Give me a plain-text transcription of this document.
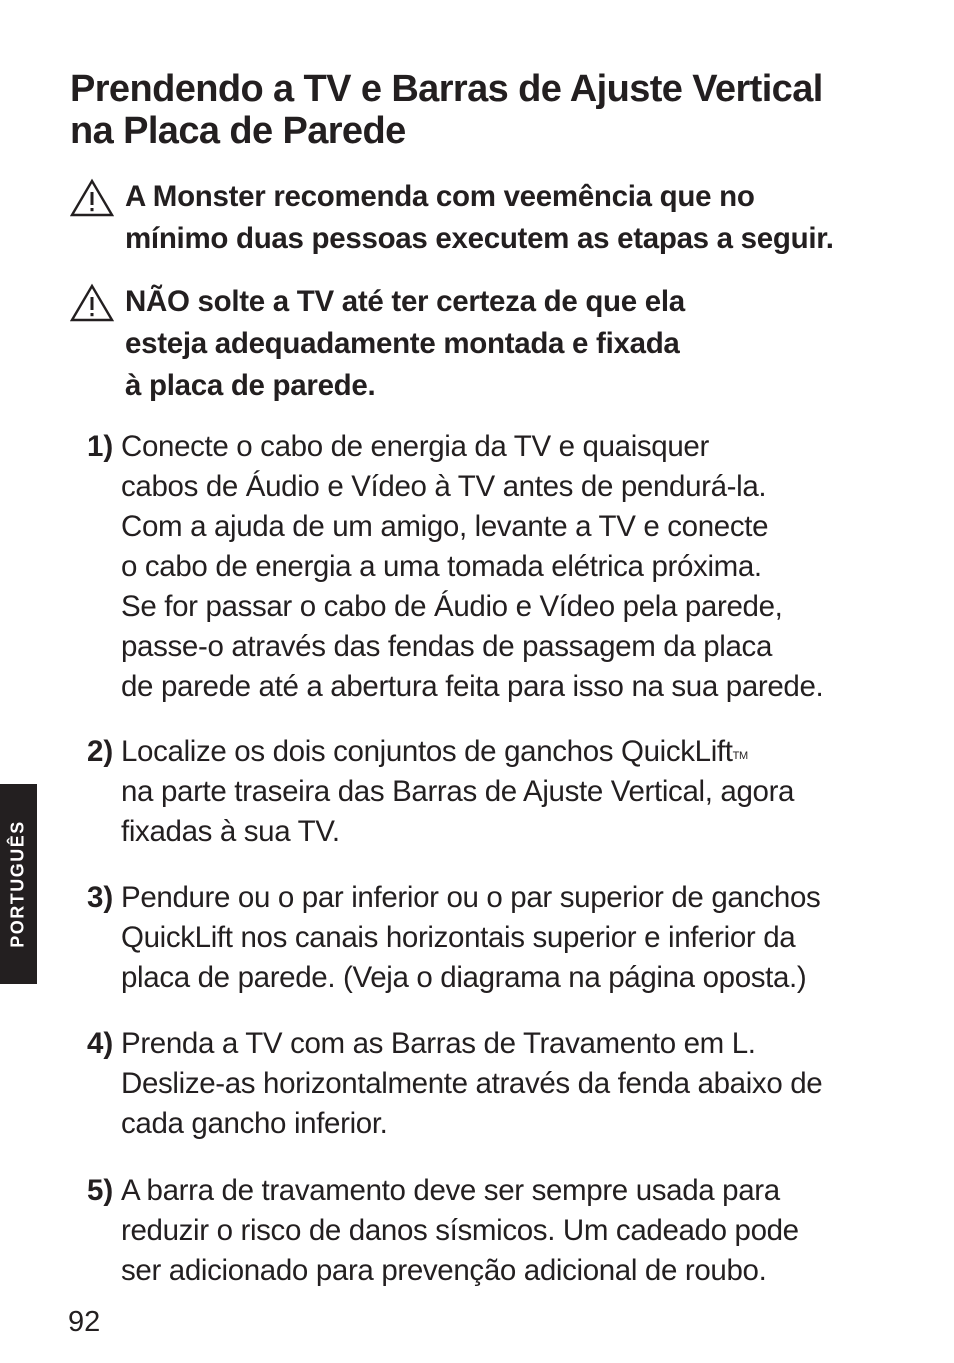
Prendendo a TV e Barras de Ajuste Vertical
na Placa de Parede
A Monster recomenda com veemência que no
mínimo duas pessoas executem as etapas a seguir.
NÃO solte a TV até ter certeza de que ela
esteja adequadamente montada e fixada
à placa de parede.
1) Conecte o cabo de energia da TV e quaisquer
cabos de Áudio e Vídeo à TV antes de pendurá-la.
Com a ajuda de um amigo, levante a TV e conecte
o cabo de energia a uma tomada elétrica próxima.
Se for passar o cabo de Áudio e Vídeo pela parede,
passe-o através das fendas de passagem da placa
de parede até a abertura feita para isso na sua parede.
2) Localize os dois conjuntos de ganchos QuickLift™
na parte traseira das Barras de Ajuste Vertical, agora
fixadas à sua TV.
3) Pendure ou o par inferior ou o par superior de ganchos
QuickLift nos canais horizontais superior e inferior da
placa de parede. (Veja o diagrama na página oposta.)
4) Prenda a TV com as Barras de Travamento em L.
Deslize-as horizontalmente através da fenda abaixo de
cada gancho inferior.
5) A barra de travamento deve ser sempre usada para
reduzir o risco de danos sísmicos. Um cadeado pode
ser adicionado para prevenção adicional de roubo.
PORTUGUÊS
92
